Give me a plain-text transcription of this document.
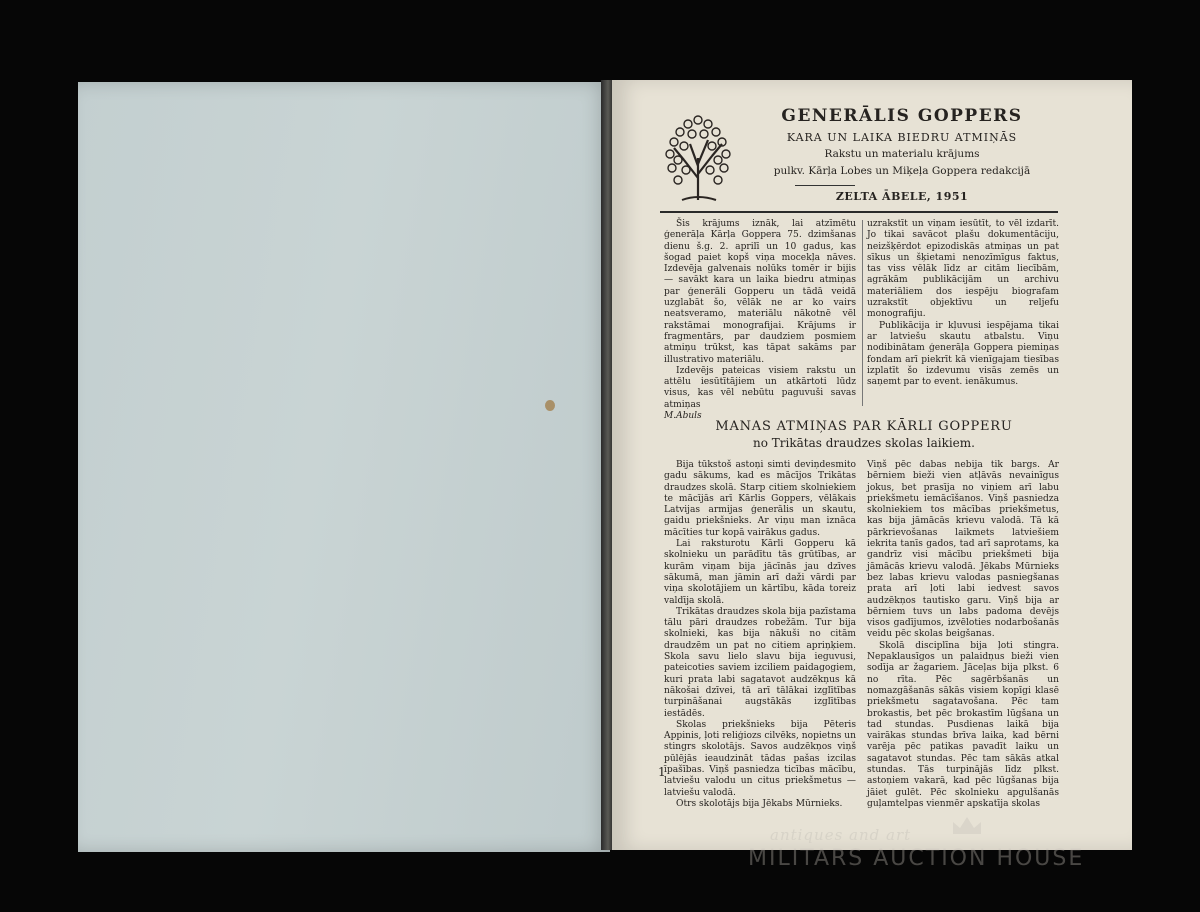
GENERĀLIS GOPPERS
KARA UN LAIKA BIEDRU ATMIŅĀS
Rakstu un materialu krājums
pulkv. Kārļa Lobes un Miķeļa Goppera redakcijā
ZELTA ĀBELE, 1951

Šis krājums iznāk, lai atzīmētu ģenerāļa Kārļa Goppera 75. dzimšanas dienu š.g. 2. aprilī un 10 gadus, kas šogad paiet kopš viņa mocekļa nāves. Izdevēja galvenais nolūks tomēr ir bijis — savākt kara un laika biedru atmiņas par ģenerāli Gopperu un tādā veidā uzglabāt šo, vēlāk ne ar ko vairs neatsveramo, materiālu nākotnē vēl rakstāmai monografijai. Krājums ir fragmentārs, par daudziem posmiem atmiņu trūkst, kas tāpat sakāms par illustrativo materiālu.

Izdevējs pateicas visiem rakstu un attēlu iesūtītājiem un atkārtoti lūdz visus, kas vēl nebūtu paguvuši savas atmiņas

uzrakstīt un viņam iesūtīt, to vēl izdarīt. Jo tikai savācot plašu dokumentāciju, neizšķērdot epizodiskās atmiņas un pat sīkus un šķietami nenozīmīgus faktus, tas viss vēlāk līdz ar citām liecībām, agrākām publikācijām un archivu materiāliem dos iespēju biografam uzrakstīt objektīvu un reljefu monografiju.

Publikācija ir kļuvusi iespējama tikai ar latviešu skautu atbalstu. Viņu nodibinātam ģenerāļa Goppera piemiņas fondam arī piekrīt kā vienīgajam tiesības izplatīt šo izdevumu visās zemēs un saņemt par to event. ienākumus.

M.Abuls
MANAS ATMIŅAS PAR KĀRLI GOPPERU
no Trikātas draudzes skolas laikiem.

Bija tūkstoš astoņi simti deviņdesmito gadu sākums, kad es mācījos Trikātas draudzes skolā. Starp citiem skolniekiem te mācījās arī Kārlis Goppers, vēlākais Latvijas armijas ģenerālis un skautu, gaidu priekšnieks. Ar viņu man iznāca mācīties tur kopā vairākus gadus.

Lai raksturotu Kārli Gopperu kā skolnieku un parādītu tās grūtības, ar kurām viņam bija jācīnās jau dzīves sākumā, man jāmin arī daži vārdi par viņa skolotājiem un kārtību, kāda toreiz valdīja skolā.

Trikātas draudzes skola bija pazīstama tālu pāri draudzes robežām. Tur bija skolnieki, kas bija nākuši no citām draudzēm un pat no citiem apriņķiem. Skola savu lielo slavu bija ieguvusi, pateicoties saviem izciliem paidagogiem, kuri prata labi sagatavot audzēkņus kā nākošai dzīvei, tā arī tālākai izglītības turpināšanai augstākās izglītības iestādēs.

Skolas priekšnieks bija Pēteris Appinis, ļoti reliģiozs cilvēks, nopietns un stingrs skolotājs. Savos audzēkņos viņš pūlējās ieaudzināt tādas pašas izcilas īpašības. Viņš pasniedza ticības mācību, latviešu valodu un citus priekšmetus — latviešu valodā.

Otrs skolotājs bija Jēkabs Mūrnieks.

Viņš pēc dabas nebija tik bargs. Ar bērniem bieži vien atļāvās nevainīgus jokus, bet prasīja no viņiem arī labu priekšmetu iemācīšanos. Viņš pasniedza skolniekiem tos mācības priekšmetus, kas bija jāmācās krievu valodā. Tā kā pārkrievošanas laikmets latviešiem iekrita tanīs gados, tad arī saprotams, ka gandrīz visi mācību priekšmeti bija jāmācās krievu valodā. Jēkabs Mūrnieks bez labas krievu valodas pasniegšanas prata arī ļoti labi iedvest savos audzēkņos tautisko garu. Viņš bija ar bērniem tuvs un labs padoma devējs visos gadījumos, izvēloties nodarbošanās veidu pēc skolas beigšanas.

Skolā disciplīna bija ļoti stingra. Nepaklausīgos un palaidņus bieži vien sodīja ar žagariem. Jāceļas bija plkst. 6 no rīta. Pēc sagērbšanās un nomazgāšanās sākās visiem kopīgi klasē priekšmetu sagatavošana. Pēc tam brokastis, bet pēc brokastīm lūgšana un tad stundas. Pusdienas laikā bija vairākas stundas brīva laika, kad bērni varēja pēc patikas pavadīt laiku un sagatavot stundas. Pēc tam sākās atkal stundas. Tās turpinājās līdz plkst. astoņiem vakarā, kad pēc lūgšanas bija jāiet gulēt. Pēc skolnieku apgulšanās guļamtelpas vienmēr apskatīja skolas

1
antiques and art
MILITARS AUCTION HOUSE
